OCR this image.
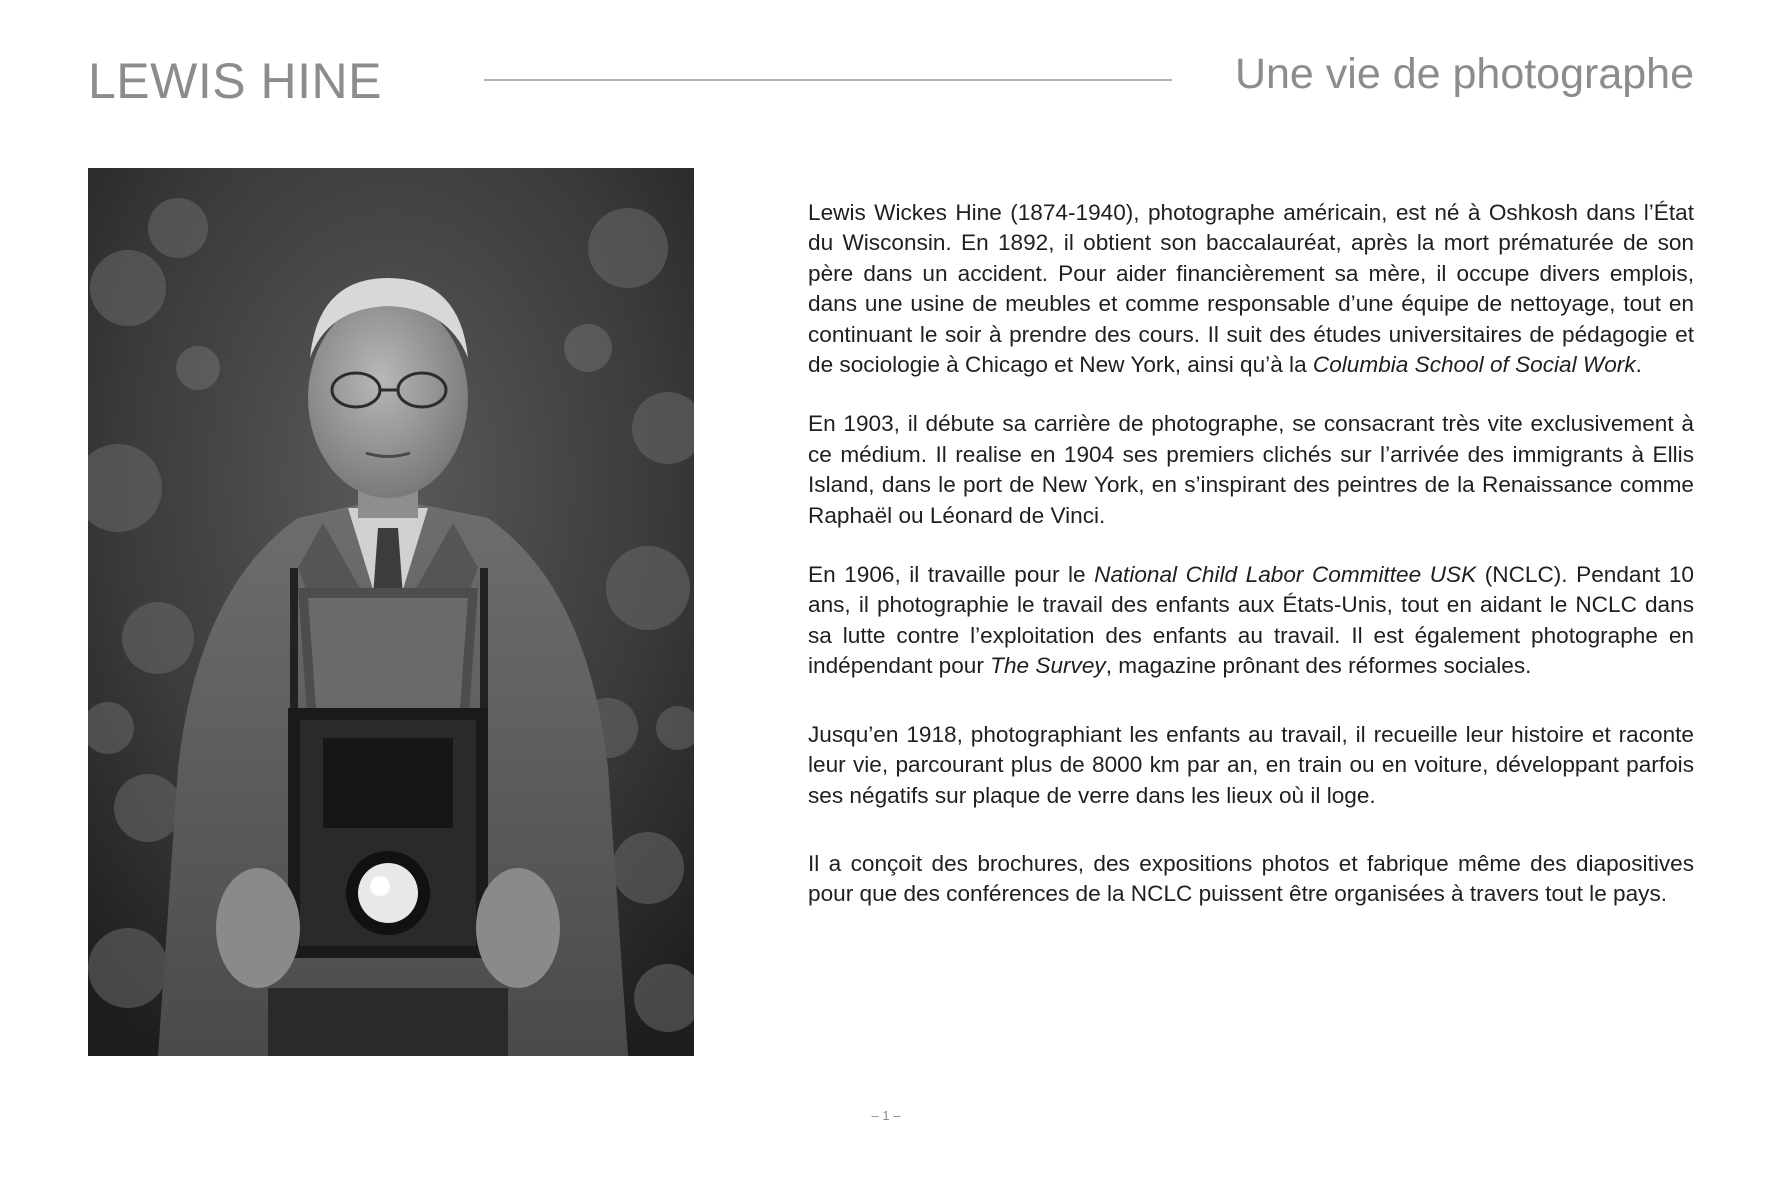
LEWIS HINE	Une vie de photographe

Lewis Wickes Hine (1874-1940), photographe américain, est né à Oshkosh dans l’État du Wisconsin. En 1892, il obtient son baccalauréat, après la mort prématurée de son père dans un accident. Pour aider financièrement sa mère, il occupe divers emplois, dans une usine de meubles et comme responsable d’une équipe de nettoyage, tout en continuant le soir à prendre des cours. Il suit des études universitaires de pédagogie et de sociologie à Chicago et New York, ainsi qu’à la Columbia School of Social Work.

En 1903, il débute sa carrière de photographe, se consacrant très vite exclusivement à ce médium. Il realise en 1904 ses premiers clichés sur l’arrivée des immigrants à Ellis Island, dans le port de New York, en s’inspirant des peintres de la Renaissance comme Raphaël ou Léonard de Vinci.

En 1906, il travaille pour le National Child Labor Committee USK (NCLC). Pendant 10 ans, il photographie le travail des enfants aux États-Unis, tout en aidant le NCLC dans sa lutte contre l’exploitation des enfants au travail. Il est également photographe en indépendant pour The Survey, magazine prônant des réformes sociales.

Jusqu’en 1918, photographiant les enfants au travail, il recueille leur histoire et raconte leur vie, parcourant plus de 8000 km par an, en train ou en voiture, développant parfois ses négatifs sur plaque de verre dans les lieux où il loge.

Il a conçoit des brochures, des expositions photos et fabrique même des diapositives pour que des conférences de la NCLC puissent être organisées à travers tout le pays.

– 1 –
